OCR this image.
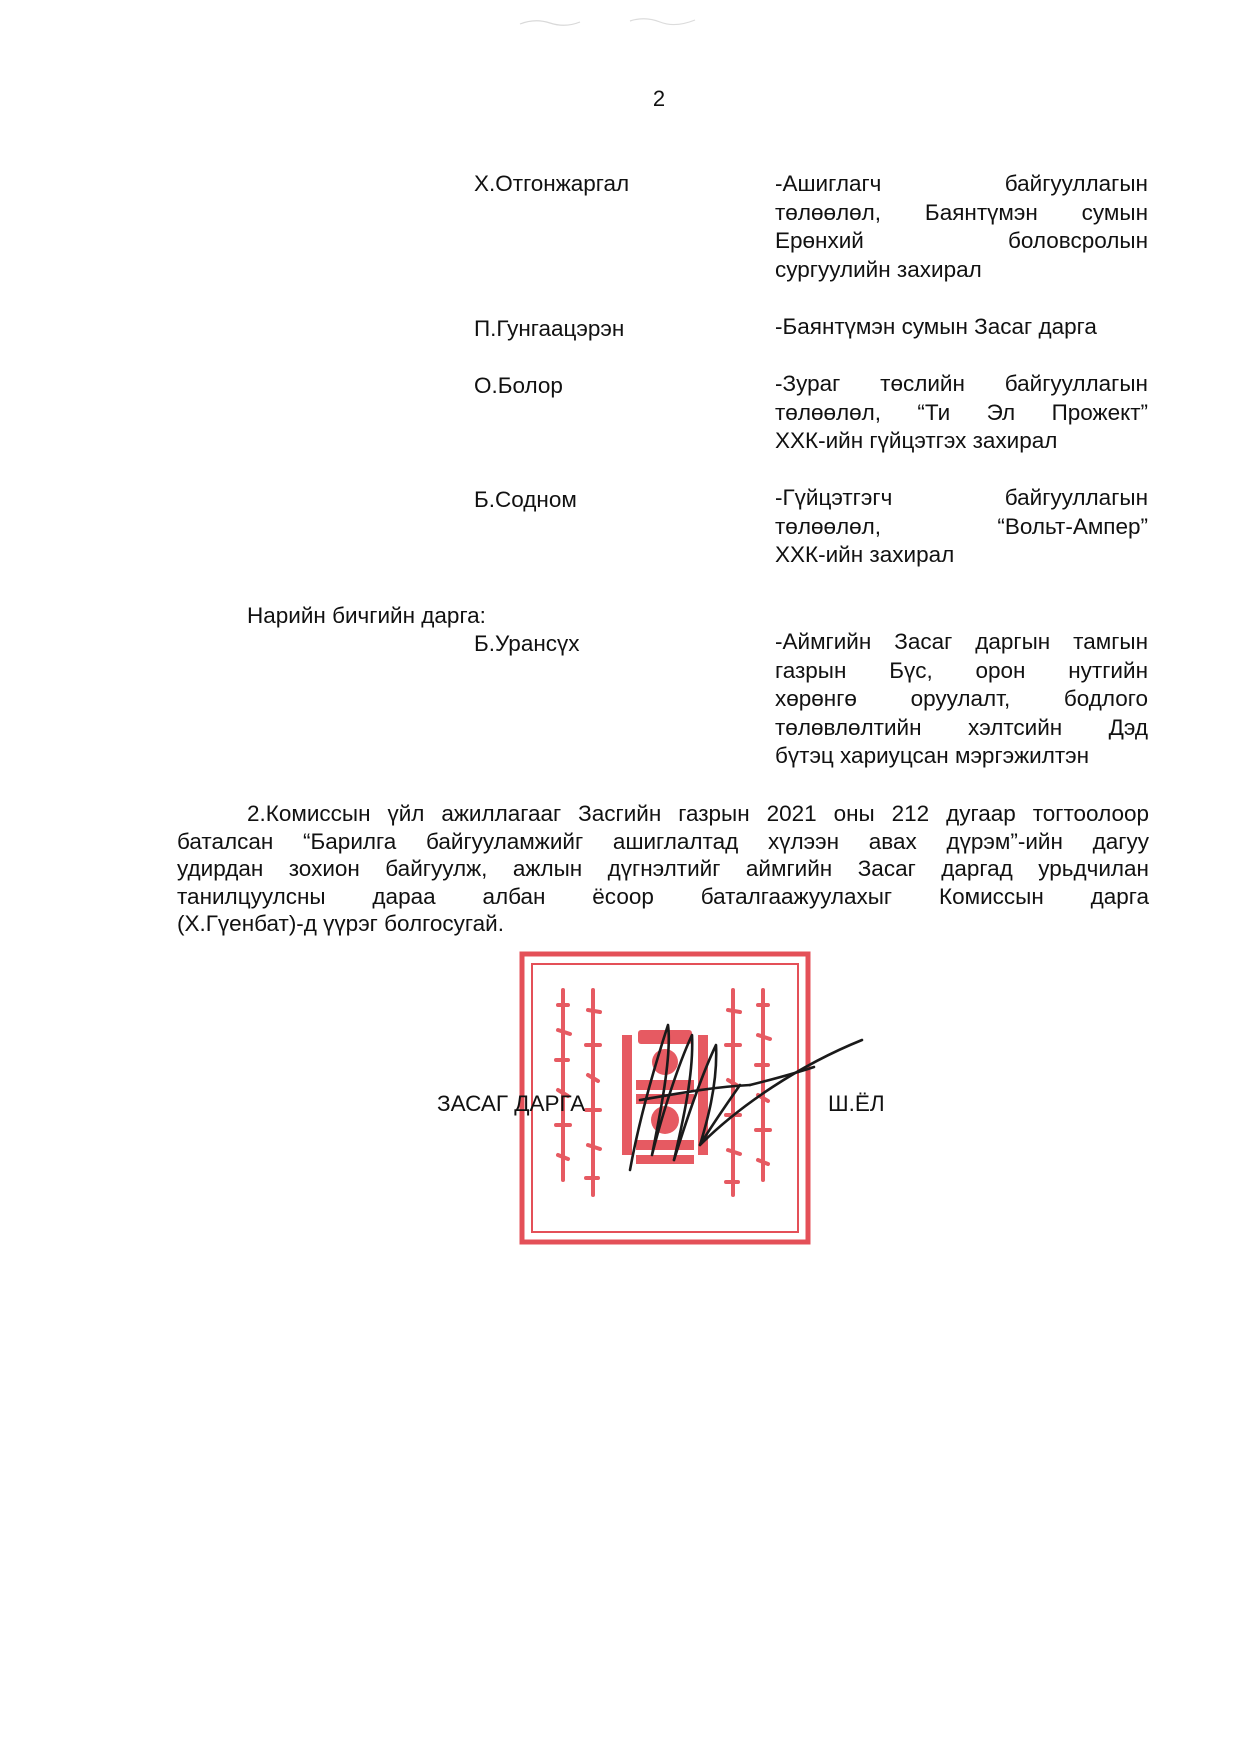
2
Х.Отгонжаргал	-Ашиглагч байгууллагын
төлөөлөл, Баянтүмэн сумын
Ерөнхий боловсролын
сургуулийн захирал
П.Гунгаацэрэн	-Баянтүмэн сумын Засаг дарга
О.Болор	-Зураг төслийн байгууллагын
төлөөлөл, “Ти Эл Прожект”
ХХК-ийн гүйцэтгэх захирал
Б.Содном	-Гүйцэтгэгч байгууллагын
төлөөлөл, “Вольт-Ампер”
ХХК-ийн захирал
Нарийн бичгийн дарга:
Б.Урансүх	-Аймгийн Засаг даргын тамгын
газрын Бүс, орон нутгийн
хөрөнгө оруулалт, бодлого
төлөвлөлтийн хэлтсийн Дэд
бүтэц хариуцсан мэргэжилтэн
2.Комиссын үйл ажиллагааг Засгийн газрын 2021 оны 212 дугаар тогтоолоор
баталсан “Барилга байгууламжийг ашиглалтад хүлээн авах дүрэм”-ийн дагуу
удирдан зохион байгуулж, ажлын дүгнэлтийг аймгийн Засаг даргад урьдчилан
танилцуулсны дараа албан ёсоор баталгаажуулахыг Комиссын дарга
(Х.Гүенбат)-д үүрэг болгосугай.
ЗАСАГ ДАРГА	Ш.ЁЛ
